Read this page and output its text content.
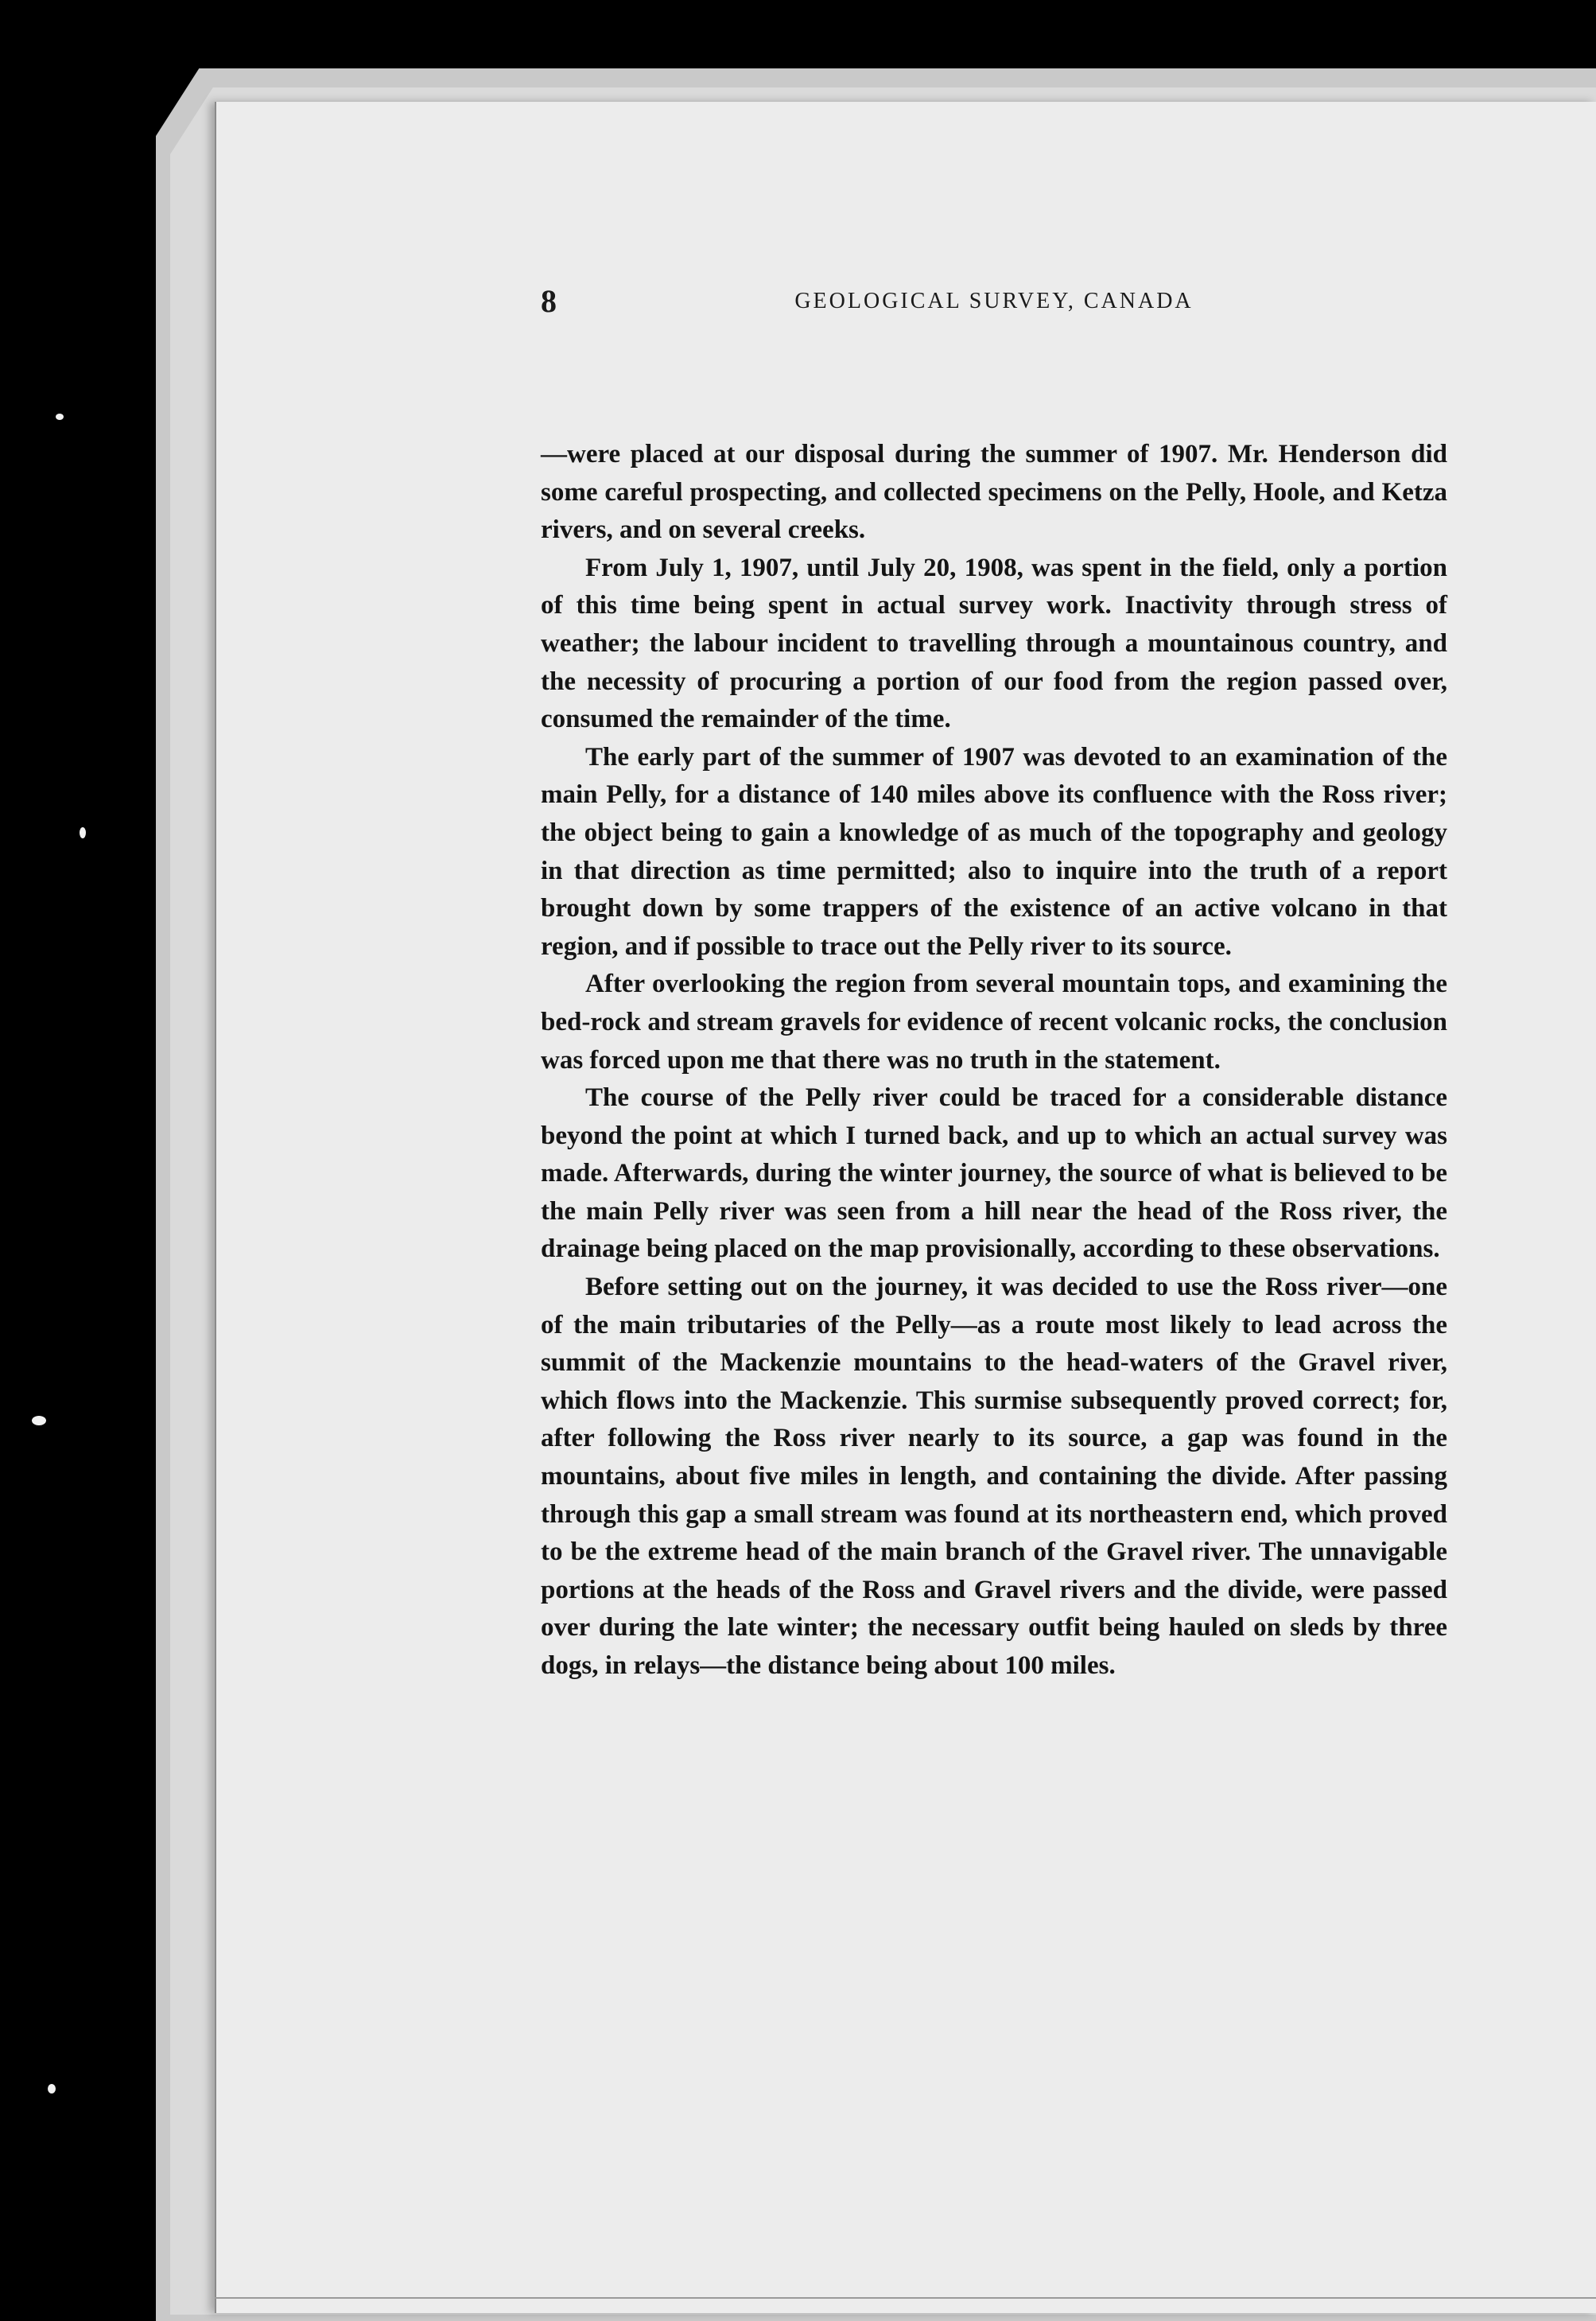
8	GEOLOGICAL SURVEY, CANADA

—were placed at our disposal during the summer of 1907. Mr. Henderson did some careful prospecting, and collected specimens on the Pelly, Hoole, and Ketza rivers, and on several creeks.

From July 1, 1907, until July 20, 1908, was spent in the field, only a portion of this time being spent in actual survey work. Inactivity through stress of weather; the labour incident to travelling through a mountainous country, and the necessity of procuring a portion of our food from the region passed over, consumed the remainder of the time.

The early part of the summer of 1907 was devoted to an examination of the main Pelly, for a distance of 140 miles above its confluence with the Ross river; the object being to gain a knowledge of as much of the topography and geology in that direction as time permitted; also to inquire into the truth of a report brought down by some trappers of the existence of an active volcano in that region, and if possible to trace out the Pelly river to its source.

After overlooking the region from several mountain tops, and examining the bed-rock and stream gravels for evidence of recent volcanic rocks, the conclusion was forced upon me that there was no truth in the statement.

The course of the Pelly river could be traced for a considerable distance beyond the point at which I turned back, and up to which an actual survey was made. Afterwards, during the winter journey, the source of what is believed to be the main Pelly river was seen from a hill near the head of the Ross river, the drainage being placed on the map provisionally, according to these observations.

Before setting out on the journey, it was decided to use the Ross river—one of the main tributaries of the Pelly—as a route most likely to lead across the summit of the Mackenzie mountains to the head-waters of the Gravel river, which flows into the Mackenzie. This surmise subsequently proved correct; for, after following the Ross river nearly to its source, a gap was found in the mountains, about five miles in length, and containing the divide. After passing through this gap a small stream was found at its northeastern end, which proved to be the extreme head of the main branch of the Gravel river. The unnavigable portions at the heads of the Ross and Gravel rivers and the divide, were passed over during the late winter; the necessary outfit being hauled on sleds by three dogs, in relays—the distance being about 100 miles.
